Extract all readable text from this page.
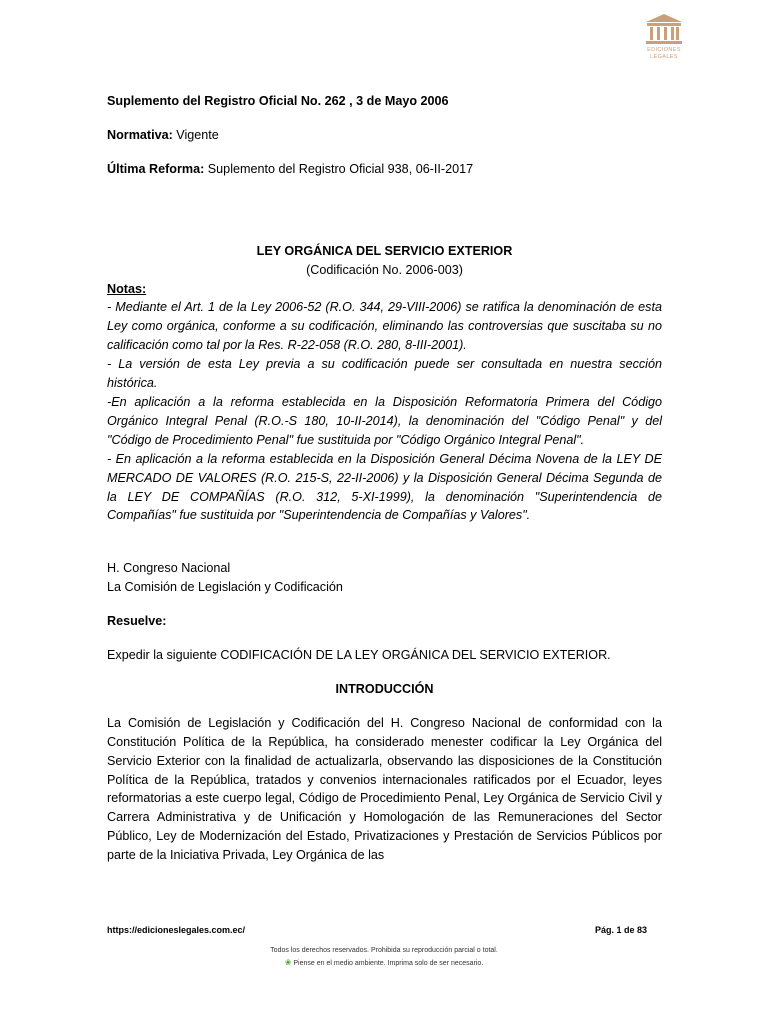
EDICIONES
LEGALES

Suplemento del Registro Oficial No. 262 , 3 de Mayo 2006

Normativa: Vigente

Última Reforma: Suplemento del Registro Oficial 938, 06-II-2017

LEY ORGÁNICA DEL SERVICIO EXTERIOR

(Codificación No. 2006-003)

Notas:

- Mediante el Art. 1 de la Ley 2006-52 (R.O. 344, 29-VIII-2006) se ratifica la denominación de esta Ley como orgánica, conforme a su codificación, eliminando las controversias que suscitaba su no calificación como tal por la Res. R-22-058 (R.O. 280, 8-III-2001).

- La versión de esta Ley previa a su codificación puede ser consultada en nuestra sección histórica.

-En aplicación a la reforma establecida en la Disposición Reformatoria Primera del Código Orgánico Integral Penal (R.O.-S 180, 10-II-2014), la denominación del "Código Penal" y del "Código de Procedimiento Penal" fue sustituida por "Código Orgánico Integral Penal".

- En aplicación a la reforma establecida en la Disposición General Décima Novena de la LEY DE MERCADO DE VALORES (R.O. 215-S, 22-II-2006) y la Disposición General Décima Segunda de la LEY DE COMPAÑÍAS (R.O. 312, 5-XI-1999), la denominación "Superintendencia de Compañías" fue sustituida por "Superintendencia de Compañías y Valores".

H. Congreso Nacional

La Comisión de Legislación y Codificación

Resuelve:

Expedir la siguiente CODIFICACIÓN DE LA LEY ORGÁNICA DEL SERVICIO EXTERIOR.

INTRODUCCIÓN

La Comisión de Legislación y Codificación del H. Congreso Nacional de conformidad con la Constitución Política de la República, ha considerado menester codificar la Ley Orgánica del Servicio Exterior con la finalidad de actualizarla, observando las disposiciones de la Constitución Política de la República, tratados y convenios internacionales ratificados por el Ecuador, leyes reformatorias a este cuerpo legal, Código de Procedimiento Penal, Ley Orgánica de Servicio Civil y Carrera Administrativa y de Unificación y Homologación de las Remuneraciones del Sector Público, Ley de Modernización del Estado, Privatizaciones y Prestación de Servicios Públicos por parte de la Iniciativa Privada, Ley Orgánica de las

https://edicioneslegales.com.ec/	Pág. 1 de 83
Todos los derechos reservados. Prohibida su reproducción parcial o total.
❀ Piense en el medio ambiente. Imprima solo de ser necesario.
